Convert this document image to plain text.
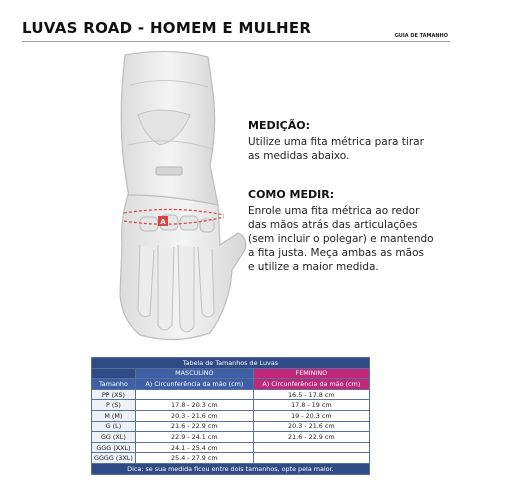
LUVAS ROAD - HOMEM E MULHER	GUIA DE TAMANHO
A
MEDIÇÃO:
Utilize uma fita métrica para tirar
as medidas abaixo.
COMO MEDIR:
Enrole uma fita métrica ao redor
das mãos atrás das articulações
(sem incluir o polegar) e mantendo
a fita justa. Meça ambas as mãos
e utilize a maior medida.
Tabela de Tamanhos de Luvas		
	MASCULINO	FEMININO
Tamanho	A) Circunferência da mão (cm)	A) Circunferência da mão (cm)
PP (XS)		16.5 - 17.8 cm
P (S)	17.8 - 20.3 cm	17.8 - 19 cm
M (M)	20.3 - 21.6 cm	19 - 20.3 cm
G (L)	21.6 - 22.9 cm	20.3 - 21.6 cm
GG (XL)	22.9 - 24.1 cm	21.6 - 22.9 cm
GGG (XXL)	24.1 - 25.4 cm	
GGGG (3XL)	25.4 - 27.9 cm	
Dica: se sua medida ficou entre dois tamanhos, opte pela maior.		
